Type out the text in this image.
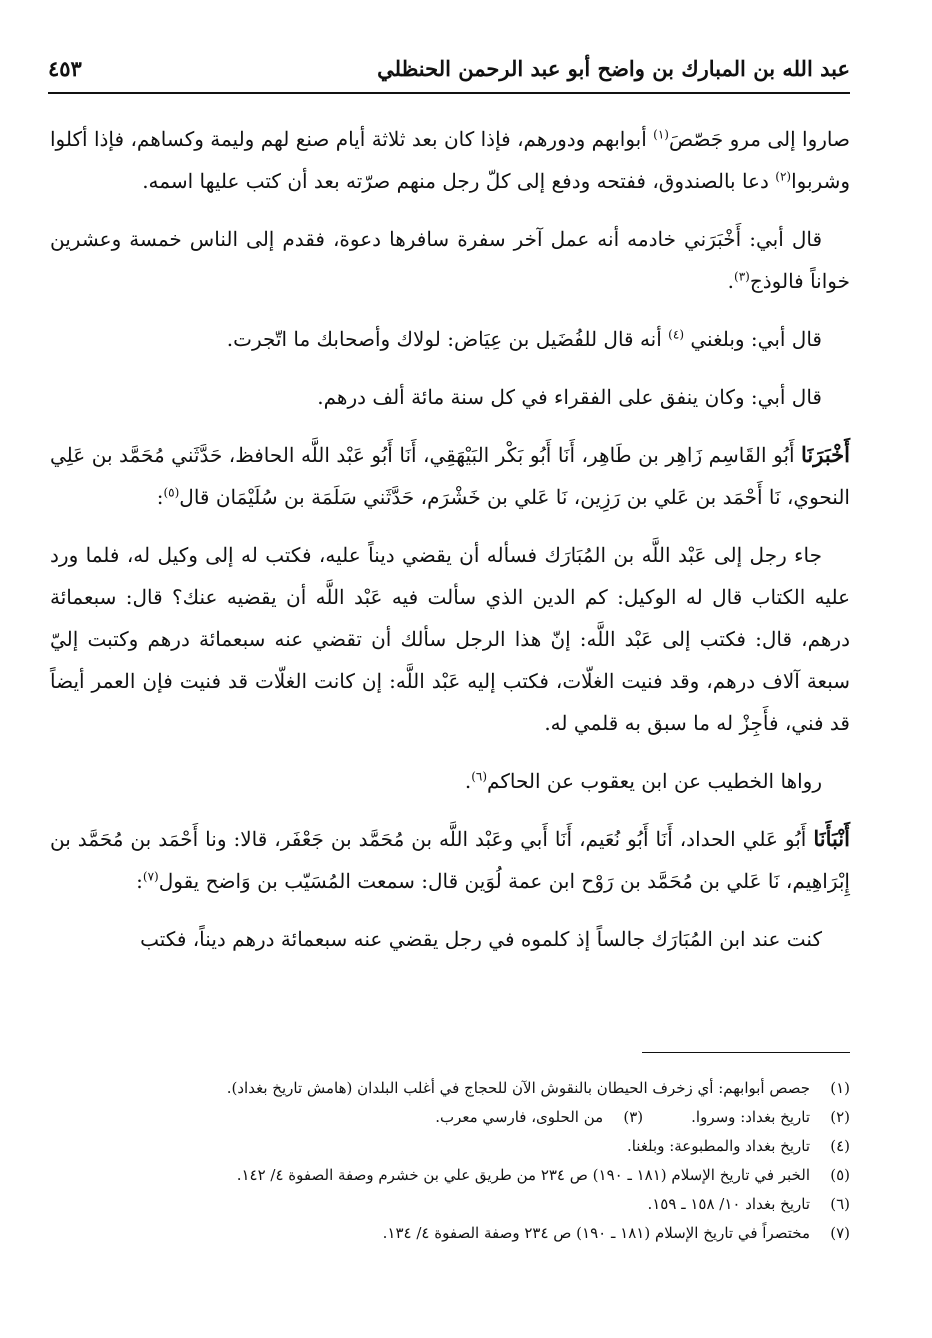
عبد الله بن المبارك بن واضح أبو عبد الرحمن الحنظلي
٤٥٣

صاروا إلى مرو جَصّصَ$^{(١)}$ أبوابهم ودورهم، فإذا كان بعد ثلاثة أيام صنع لهم وليمة وكساهم، فإذا أكلوا وشربوا$^{(٢)}$ دعا بالصندوق، ففتحه ودفع إلى كلّ رجل منهم صرّته بعد أن كتب عليها اسمه.

قال أبي: أَخْبَرَني خادمه أنه عمل آخر سفرة سافرها دعوة، فقدم إلى الناس خمسة وعشرين خواناً فالوذج$^{(٣)}$.

قال أبي: وبلغني $^{(٤)}$ أنه قال للفُضَيل بن عِيَاض: لولاك وأصحابك ما اتّجرت.

قال أبي: وكان ينفق على الفقراء في كل سنة مائة ألف درهم.

أَخْبَرَنَا أَبُو القَاسِم زَاهِر بن طَاهِر، أَنَا أَبُو بَكْر البَيْهَقِي، أَنَا أَبُو عَبْد اللَّه الحافظ، حَدَّثَني مُحَمَّد بن عَلِي النحوي، نَا أَحْمَد بن عَلي بن رَزِين، نَا عَلي بن خَشْرَم، حَدَّثَني سَلَمَة بن سُلَيْمَان قال$^{(٥)}$:

جاء رجل إلى عَبْد اللَّه بن المُبَارَك فسأله أن يقضي ديناً عليه، فكتب له إلى وكيل له، فلما ورد عليه الكتاب قال له الوكيل: كم الدين الذي سألت فيه عَبْد اللَّه أن يقضيه عنك؟ قال: سبعمائة درهم، قال: فكتب إلى عَبْد اللَّه: إنّ هذا الرجل سألك أن تقضي عنه سبعمائة درهم وكتبت إليّ سبعة آلاف درهم، وقد فنيت الغلّات، فكتب إليه عَبْد اللَّه: إن كانت الغلّات قد فنيت فإن العمر أيضاً قد فني، فأَجِزْ له ما سبق به قلمي له.

رواها الخطيب عن ابن يعقوب عن الحاكم$^{(٦)}$.

أَنْبَأَنَا أَبُو عَلي الحداد، أَنَا أَبُو نُعَيم، أَنَا أَبي وعَبْد اللَّه بن مُحَمَّد بن جَعْفَر، قالا: ونا أَحْمَد بن مُحَمَّد بن إِبْرَاهِيم، نَا عَلي بن مُحَمَّد بن رَوْح ابن عمة لُوَين قال: سمعت المُسَيّب بن وَاضح يقول$^{(٧)}$:

كنت عند ابن المُبَارَك جالساً إذ كلموه في رجل يقضي عنه سبعمائة درهم ديناً، فكتب

(١)
جصص أبوابهم: أي زخرف الحيطان بالنقوش الآن للحجاج في أغلب البلدان (هامش تاريخ بغداد).
(٢)
تاريخ بغداد: وسروا.
(٣)
من الحلوى، فارسي معرب.
(٤)
تاريخ بغداد والمطبوعة: وبلغنا.
(٥)
الخبر في تاريخ الإسلام (١٨١ ـ ١٩٠) ص ٢٣٤ من طريق علي بن خشرم وصفة الصفوة ٤/ ١٤٢.
(٦)
تاريخ بغداد ١٠/ ١٥٨ ـ ١٥٩.
(٧)
مختصراً في تاريخ الإسلام (١٨١ ـ ١٩٠) ص ٢٣٤ وصفة الصفوة ٤/ ١٣٤.
